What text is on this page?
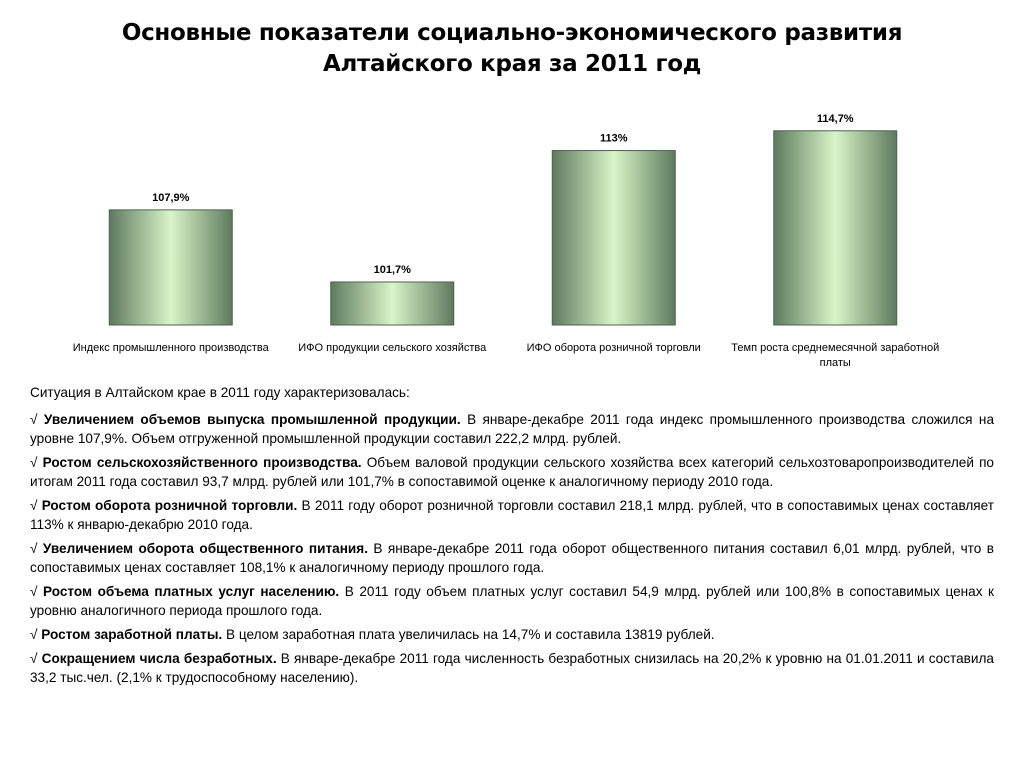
Основные показатели социально-экономического развития
Алтайского края за 2011 год
107,9%
Индекс промышленного производства
101,7%
ИФО продукции сельского хозяйства
113%
ИФО оборота розничной торговли
114,7%
Темп роста среднемесячной заработной
платы

Ситуация в Алтайском крае в 2011 году характеризовалась:

√ Увеличением объемов выпуска промышленной продукции. В январе-декабре 2011 года индекс промышленного производства сложился на уровне 107,9%. Объем отгруженной промышленной продукции составил 222,2 млрд. рублей.

√ Ростом сельскохозяйственного производства. Объем валовой продукции сельского хозяйства всех категорий сельхозтоваропроизводителей по итогам 2011 года составил 93,7 млрд. рублей или 101,7% в сопоставимой оценке к аналогичному периоду 2010 года.

√ Ростом оборота розничной торговли. В 2011 году оборот розничной торговли составил 218,1 млрд. рублей, что в сопоставимых ценах составляет 113% к январю-декабрю 2010 года.

√ Увеличением оборота общественного питания. В январе-декабре 2011 года оборот общественного питания составил 6,01 млрд. рублей, что в сопоставимых ценах составляет 108,1% к аналогичному периоду прошлого года.

√ Ростом объема платных услуг населению. В 2011 году объем платных услуг составил 54,9 млрд. рублей или 100,8% в сопоставимых ценах к уровню аналогичного периода прошлого года.

√ Ростом заработной платы. В целом заработная плата увеличилась на 14,7% и составила 13819 рублей.

√ Сокращением числа безработных. В январе-декабре 2011 года численность безработных снизилась на 20,2% к уровню на 01.01.2011 и составила 33,2 тыс.чел. (2,1% к трудоспособному населению).
